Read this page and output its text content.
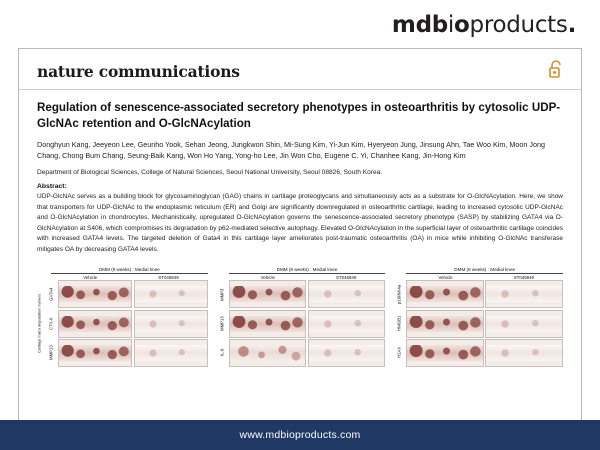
mdbioproducts.
nature communications
Regulation of senescence-associated secretory phenotypes in osteoarthritis by cytosolic UDP-GlcNAc retention and O-GlcNAcylation
Donghyun Kang, Jeeyeon Lee, Geunho Yook, Sehan Jeong, Jungkwon Shin, Mi-Sung Kim, Yi-Jun Kim, Hyeryeon Jung, Jinsung Ahn, Tae Woo Kim, Moon Jong Chang, Chong Bum Chang, Seung-Baik Kang, Won Ho Yang, Yong-ho Lee, Jin Won Cho, Eugene C. Yi, Chanhee Kang, Jin-Hong Kim
Department of Biological Sciences, College of Natural Sciences, Seoul National University, Seoul 08826, South Korea.
Abstract:
UDP-GlcNAc serves as a building block for glycosaminoglycan (GAG) chains in cartilage proteoglycans and simultaneously acts as a substrate for O-GlcNAcylation. Here, we show that transporters for UDP-GlcNAc to the endoplasmic reticulum (ER) and Golgi are significantly downregulated in osteoarthritic cartilage, leading to increased cytosolic UDP-GlcNAc and O-GlcNAcylation in chondrocytes. Mechanistically, upregulated O-GlcNAcylation governs the senescence-associated secretory phenotype (SASP) by stabilizing GATA4 via O-GlcNAcylation at S406, which compromises its degradation by p62-mediated selective autophagy. Elevated O-GlcNAcylation in the superficial layer of osteoarthritic cartilage coincides with increased GATA4 levels. The targeted deletion of Gata4 in this cartilage layer ameliorates post-traumatic osteoarthritis (OA) in mice while inhibiting O-GlcNAc transferase mitigates OA by decreasing GATA4 levels.
DMM (8 weeks) : Medial knee
Vehicle	ST045849
Cartilage matrix degradation markers	GATA4
CTX-II
MMP13
DMM (8 weeks) : Medial knee
Vehicle	ST045849
MMP3
MMP13
IL-6
DMM (8 weeks) : Medial knee
Vehicle	ST045849
p16INK4a
HMGB1
H2AX
www.mdbioproducts.com
